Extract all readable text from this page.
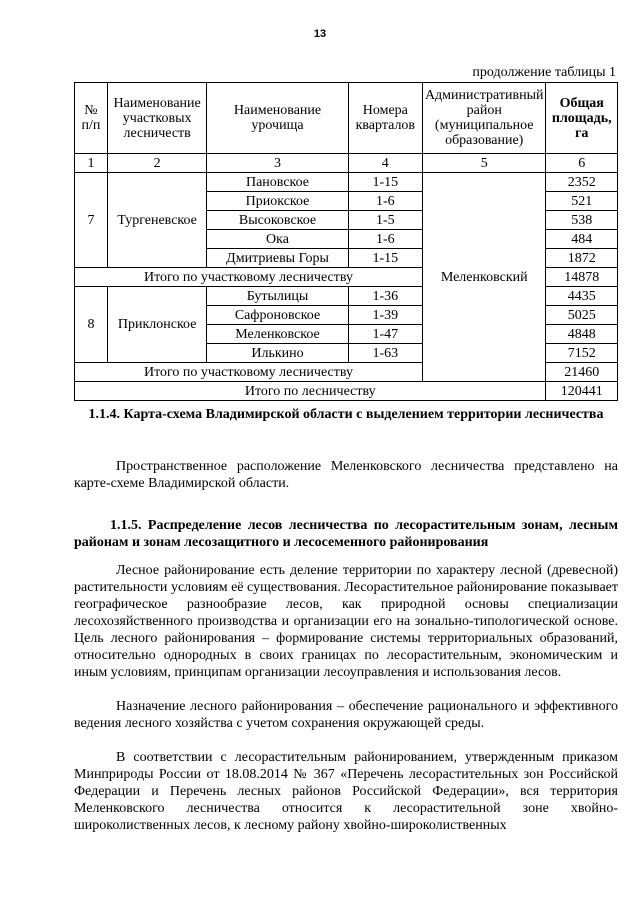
13
продолжение таблицы 1
№ п/п	Наименование участковых лесничеств	Наименование урочища	Номера кварталов	Административный район (муниципальное образование)	Общая площадь, га
1	2	3	4	5	6
7	Тургеневское	Пановское	1-15	Меленковский	2352
		Приокское	1-6		521
		Высоковское	1-5		538
		Ока	1-6		484
		Дмитриевы Горы	1-15		1872
Итого по участковому лесничеству					14878
8	Приклонское	Бутылицы	1-36		4435
		Сафроновское	1-39		5025
		Меленковское	1-47		4848
		Илькино	1-63		7152
Итого по участковому лесничеству					21460
Итого по лесничеству					120441
1.1.4. Карта-схема Владимирской области с выделением территории лесничества

Пространственное расположение Меленковского лесничества представлено на карте-схеме Владимирской области.

1.1.5. Распределение лесов лесничества по лесорастительным зонам, лесным районам и зонам лесозащитного и лесосеменного районирования

Лесное районирование есть деление территории по характеру лесной (древесной) растительности условиям её существования. Лесорастительное районирование показывает географическое разнообразие лесов, как природной основы специализации лесохозяйственного производства и организации его на зонально-типологической основе. Цель лесного районирования – формирование системы территориальных образований, относительно однородных в своих границах по лесорастительным, экономическим и иным условиям, принципам организации лесоуправления и использования лесов.

Назначение лесного районирования – обеспечение рационального и эффективного ведения лесного хозяйства с учетом сохранения окружающей среды.

В соответствии с лесорастительным районированием, утвержденным приказом Минприроды России от 18.08.2014 № 367 «Перечень лесорастительных зон Российской Федерации и Перечень лесных районов Российской Федерации», вся территория Меленковского лесничества относится к лесорастительной зоне хвойно-широколиственных лесов, к лесному району хвойно-широколиственных
